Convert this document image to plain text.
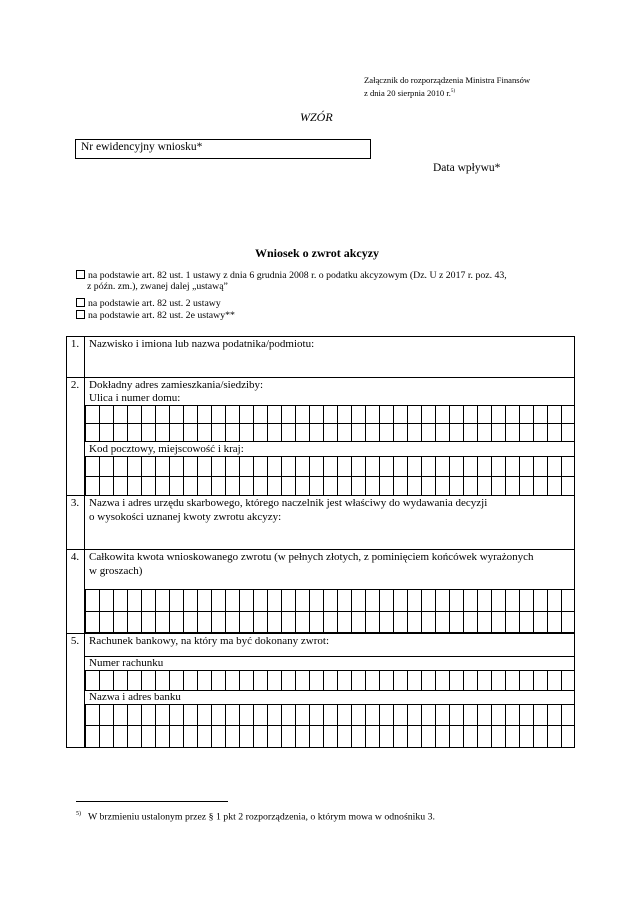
Załącznik do rozporządzenia Ministra Finansów
z dnia 20 sierpnia 2010 r.$^{5)}$
WZÓR
Nr ewidencyjny wniosku*
Data wpływu*
Wniosek o zwrot akcyzy
na podstawie art. 82 ust. 1 ustawy z dnia 6 grudnia 2008 r. o podatku akcyzowym (Dz. U z 2017 r. poz. 43,
z późn. zm.), zwanej dalej „ustawą”
na podstawie art. 82 ust. 2 ustawy
na podstawie art. 82 ust. 2e ustawy**
1. Nazwisko i imiona lub nazwa podatnika/podmiotu:
2. Dokładny adres zamieszkania/siedziby:
Ulica i numer domu:
Kod pocztowy, miejscowość i kraj:
3. Nazwa i adres urzędu skarbowego, którego naczelnik jest właściwy do wydawania decyzji
o wysokości uznanej kwoty zwrotu akcyzy:
4. Całkowita kwota wnioskowanego zwrotu (w pełnych złotych, z pominięciem końcówek wyrażonych
w groszach)
5. Rachunek bankowy, na który ma być dokonany zwrot:
Numer rachunku
Nazwa i adres banku
$^{5)}$ W brzmieniu ustalonym przez § 1 pkt 2 rozporządzenia, o którym mowa w odnośniku 3.
